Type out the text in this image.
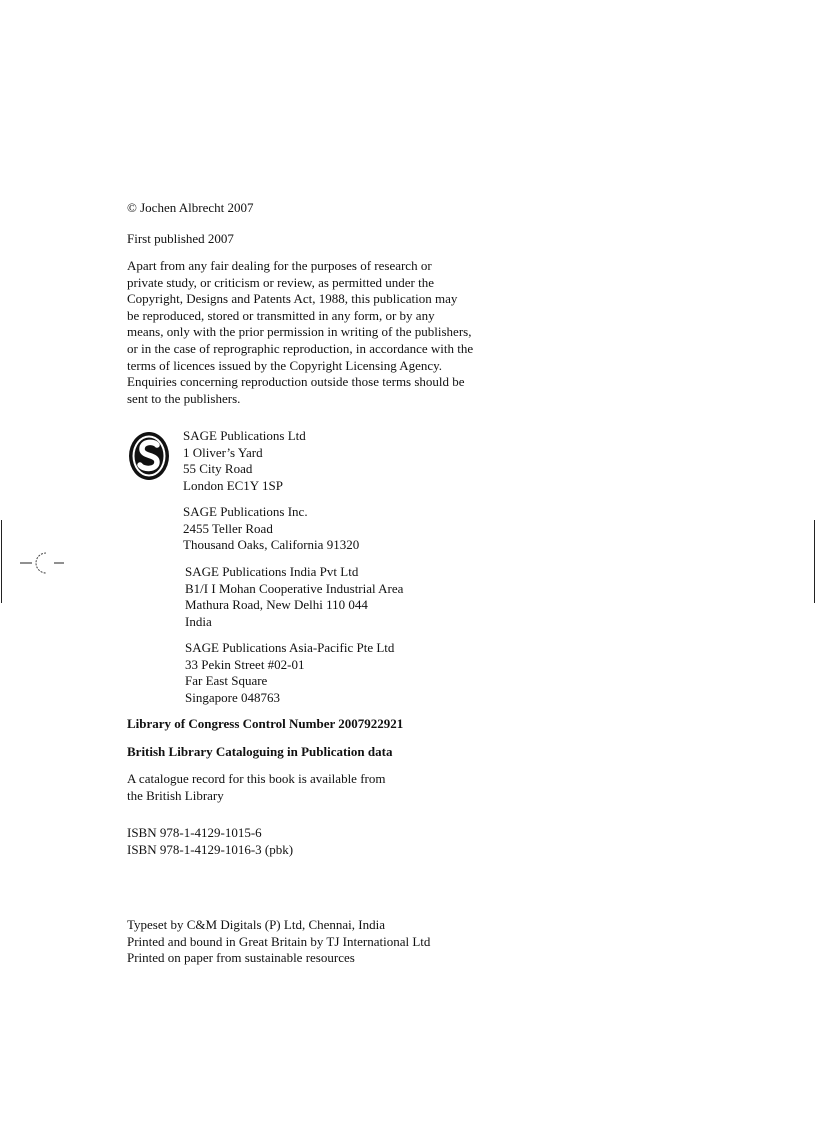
© Jochen Albrecht 2007

First published 2007

Apart from any fair dealing for the purposes of research or
private study, or criticism or review, as permitted under the
Copyright, Designs and Patents Act, 1988, this publication may
be reproduced, stored or transmitted in any form, or by any
means, only with the prior permission in writing of the publishers,
or in the case of reprographic reproduction, in accordance with the
terms of licences issued by the Copyright Licensing Agency.
Enquiries concerning reproduction outside those terms should be
sent to the publishers.

SAGE Publications Ltd
1 Oliver’s Yard
55 City Road
London EC1Y 1SP

SAGE Publications Inc.
2455 Teller Road
Thousand Oaks, California 91320

SAGE Publications India Pvt Ltd
B1/I I Mohan Cooperative Industrial Area
Mathura Road, New Delhi 110 044
India

SAGE Publications Asia-Pacific Pte Ltd
33 Pekin Street #02-01
Far East Square
Singapore 048763

Library of Congress Control Number 2007922921

British Library Cataloguing in Publication data

A catalogue record for this book is available from
the British Library

ISBN 978-1-4129-1015-6
ISBN 978-1-4129-1016-3 (pbk)

Typeset by C&M Digitals (P) Ltd, Chennai, India
Printed and bound in Great Britain by TJ International Ltd
Printed on paper from sustainable resources
